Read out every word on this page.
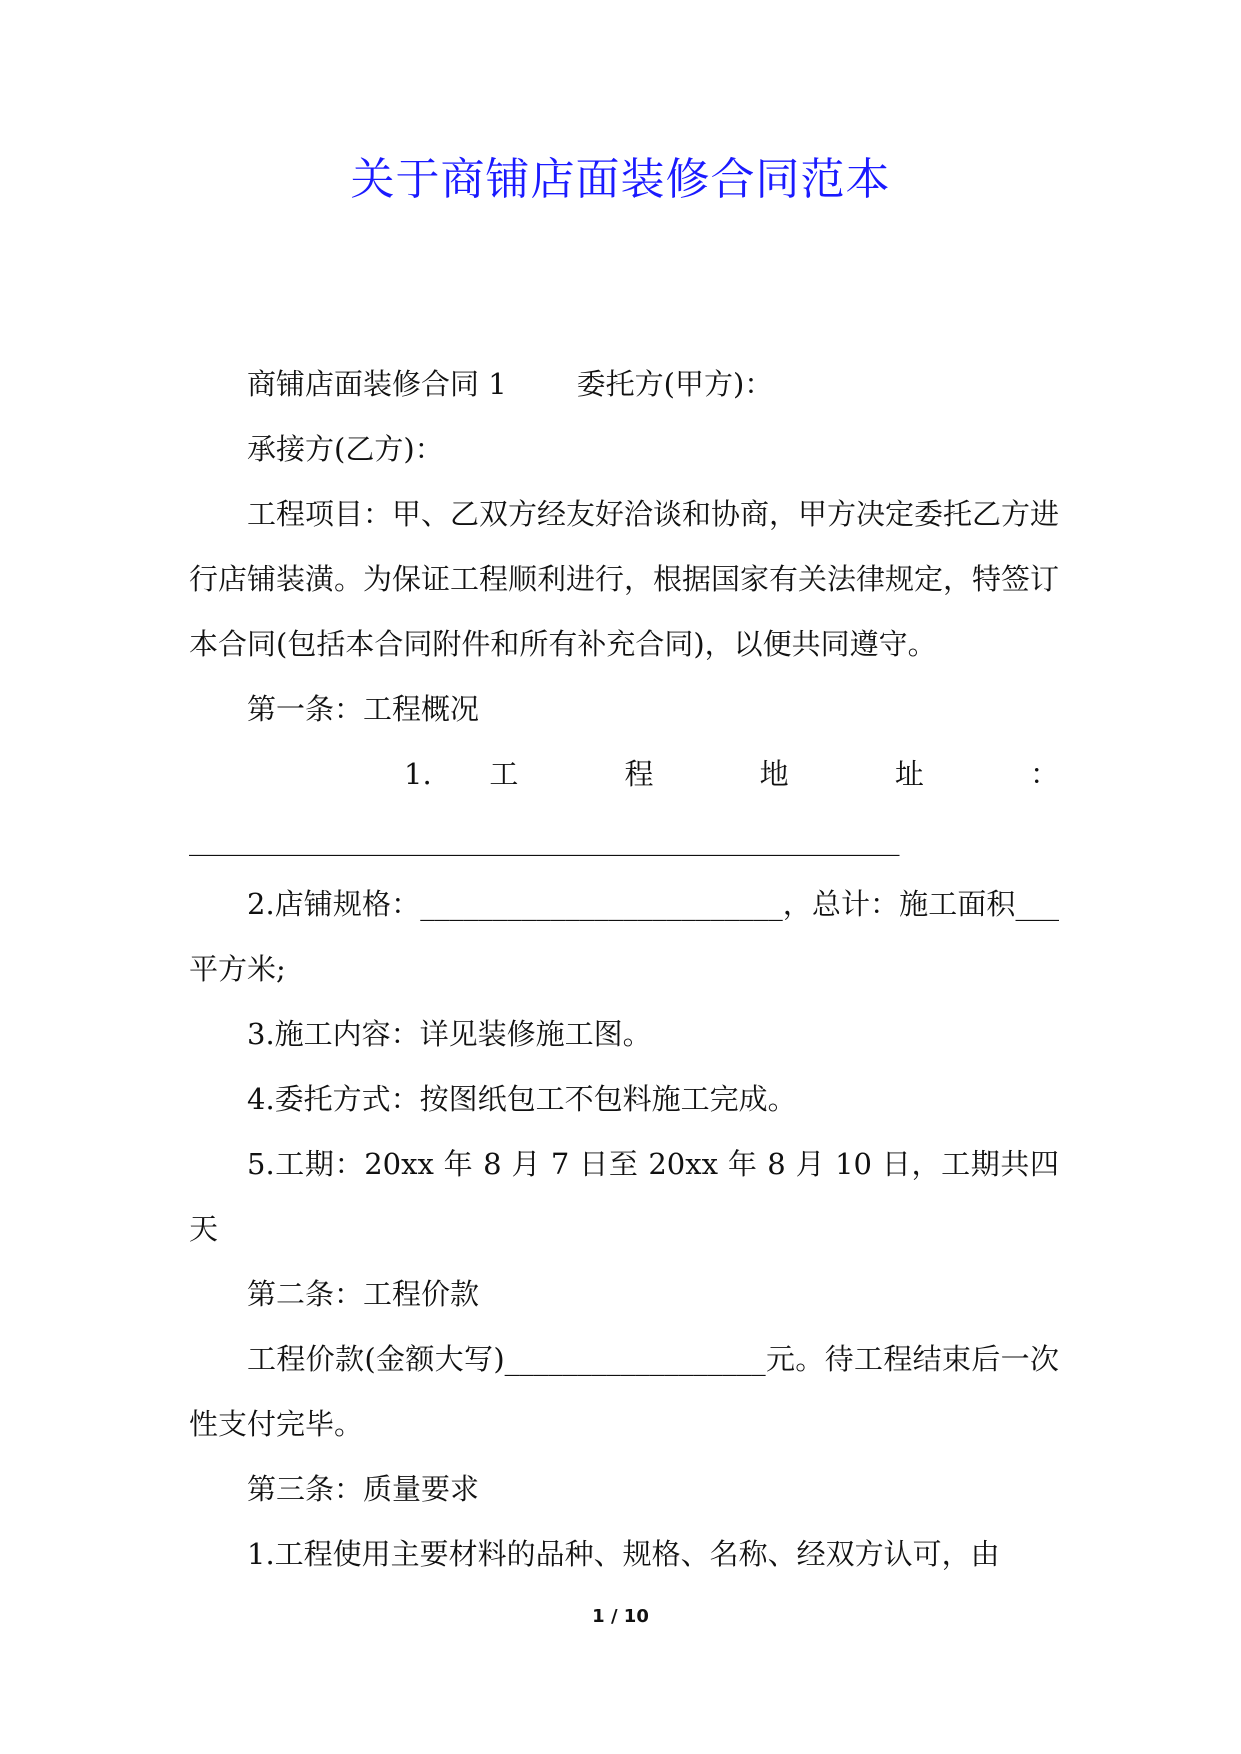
关于商铺店面装修合同范本

商铺店面装修合同 1 委托方(甲方)：

承接方(乙方)：

工程项目：甲、乙双方经友好洽谈和协商，甲方决定委托乙方进行店铺装潢。为保证工程顺利进行，根据国家有关法律规定，特签订本合同(包括本合同附件和所有补充合同)，以便共同遵守。

第一条：工程概况

1. 工 程 地 址 ：

_________________________________________________

2.店铺规格：_________________________，总计：施工面积___平方米;

3.施工内容：详见装修施工图。

4.委托方式：按图纸包工不包料施工完成。

5.工期：20xx 年 8 月 7 日至 20xx 年 8 月 10 日，工期共四天

第二条：工程价款

工程价款(金额大写)__________________元。待工程结束后一次性支付完毕。

第三条：质量要求

1.工程使用主要材料的品种、规格、名称、经双方认可，由

1 / 10
